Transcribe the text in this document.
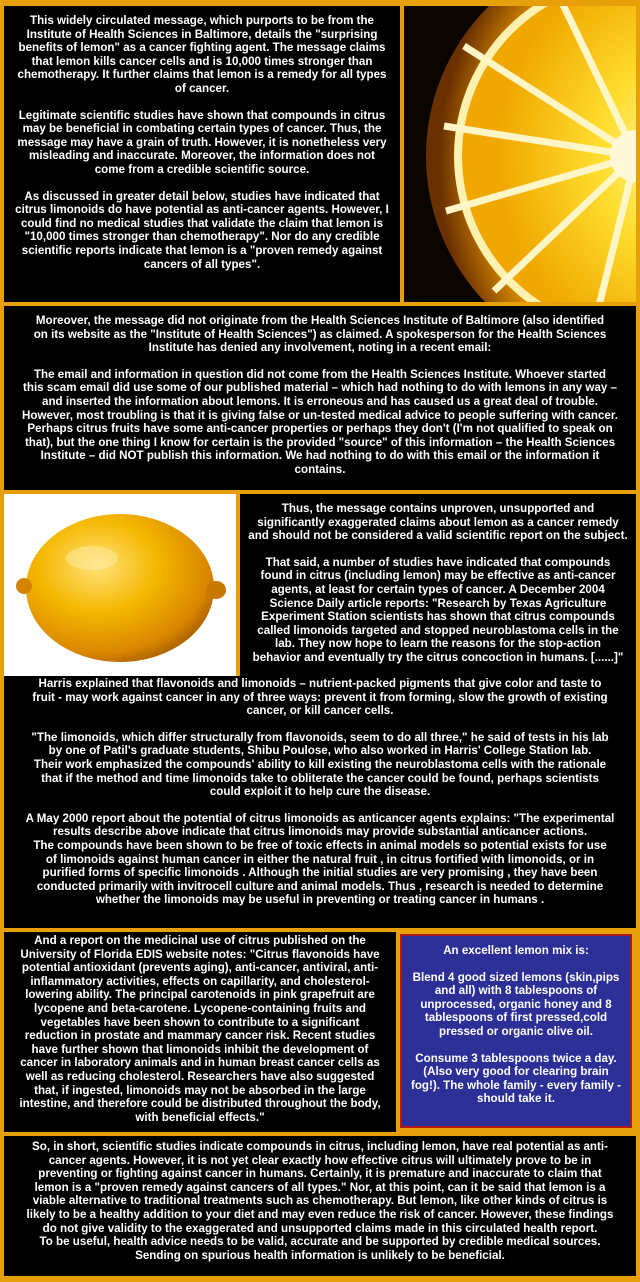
This widely circulated message, which purports to be from the
Institute of Health Sciences in Baltimore, details the "surprising
benefits of lemon" as a cancer fighting agent. The message claims
that lemon kills cancer cells and is 10,000 times stronger than
chemotherapy. It further claims that lemon is a remedy for all types
of cancer.

Legitimate scientific studies have shown that compounds in citrus
may be beneficial in combating certain types of cancer. Thus, the
message may have a grain of truth. However, it is nonetheless very
misleading and inaccurate. Moreover, the information does not
come from a credible scientific source.

As discussed in greater detail below, studies have indicated that
citrus limonoids do have potential as anti-cancer agents. However, I
could find no medical studies that validate the claim that lemon is
"10,000 times stronger than chemotherapy". Nor do any credible
scientific reports indicate that lemon is a "proven remedy against
cancers of all types".

Moreover, the message did not originate from the Health Sciences Institute of Baltimore (also identified
on its website as the "Institute of Health Sciences") as claimed. A spokesperson for the Health Sciences
Institute has denied any involvement, noting in a recent email:

The email and information in question did not come from the Health Sciences Institute. Whoever started
this scam email did use some of our published material – which had nothing to do with lemons in any way –
and inserted the information about lemons. It is erroneous and has caused us a great deal of trouble.
However, most troubling is that it is giving false or un-tested medical advice to people suffering with cancer.
Perhaps citrus fruits have some anti-cancer properties or perhaps they don't (I'm not qualified to speak on
that), but the one thing I know for certain is the provided "source" of this information – the Health Sciences
Institute – did NOT publish this information. We had nothing to do with this email or the information it
contains.

Thus, the message contains unproven, unsupported and
significantly exaggerated claims about lemon as a cancer remedy
and should not be considered a valid scientific report on the subject.

That said, a number of studies have indicated that compounds
found in citrus (including lemon) may be effective as anti-cancer
agents, at least for certain types of cancer. A December 2004
Science Daily article reports: "Research by Texas Agriculture
Experiment Station scientists has shown that citrus compounds
called limonoids targeted and stopped neuroblastoma cells in the
lab. They now hope to learn the reasons for the stop-action
behavior and eventually try the citrus concoction in humans. [......]"

Harris explained that flavonoids and limonoids – nutrient-packed pigments that give color and taste to
fruit - may work against cancer in any of three ways: prevent it from forming, slow the growth of existing
cancer, or kill cancer cells.

"The limonoids, which differ structurally from flavonoids, seem to do all three," he said of tests in his lab
by one of Patil's graduate students, Shibu Poulose, who also worked in Harris' College Station lab.
Their work emphasized the compounds' ability to kill existing the neuroblastoma cells with the rationale
that if the method and time limonoids take to obliterate the cancer could be found, perhaps scientists
could exploit it to help cure the disease.

A May 2000 report about the potential of citrus limonoids as anticancer agents explains: "The experimental
results describe above indicate that citrus limonoids may provide substantial anticancer actions.
The compounds have been shown to be free of toxic effects in animal models so potential exists for use
of limonoids against human cancer in either the natural fruit , in citrus fortified with limonoids, or in
purified forms of specific limonoids . Although the initial studies are very promising , they have been
conducted primarily with invitrocell culture and animal models. Thus , research is needed to determine
whether the limonoids may be useful in preventing or treating cancer in humans .

And a report on the medicinal use of citrus published on the
University of Florida EDIS website notes: "Citrus flavonoids have
potential antioxidant (prevents aging), anti-cancer, antiviral, anti-
inflammatory activities, effects on capillarity, and cholesterol-
lowering ability. The principal carotenoids in pink grapefruit are
lycopene and beta-carotene. Lycopene-containing fruits and
vegetables have been shown to contribute to a significant
reduction in prostate and mammary cancer risk. Recent studies
have further shown that limonoids inhibit the development of
cancer in laboratory animals and in human breast cancer cells as
well as reducing cholesterol. Researchers have also suggested
that, if ingested, limonoids may not be absorbed in the large
intestine, and therefore could be distributed throughout the body,
with beneficial effects."

An excellent lemon mix is:

Blend 4 good sized lemons (skin,pips
and all) with 8 tablespoons of
unprocessed, organic honey and 8
tablespoons of first pressed,cold
pressed or organic olive oil.

Consume 3 tablespoons twice a day.
(Also very good for clearing brain
fog!). The whole family - every family -
should take it.

So, in short, scientific studies indicate compounds in citrus, including lemon, have real potential as anti-
cancer agents. However, it is not yet clear exactly how effective citrus will ultimately prove to be in
preventing or fighting against cancer in humans. Certainly, it is premature and inaccurate to claim that
lemon is a "proven remedy against cancers of all types." Nor, at this point, can it be said that lemon is a
viable alternative to traditional treatments such as chemotherapy. But lemon, like other kinds of citrus is
likely to be a healthy addition to your diet and may even reduce the risk of cancer. However, these findings
do not give validity to the exaggerated and unsupported claims made in this circulated health report.
To be useful, health advice needs to be valid, accurate and be supported by credible medical sources.
Sending on spurious health information is unlikely to be beneficial.
